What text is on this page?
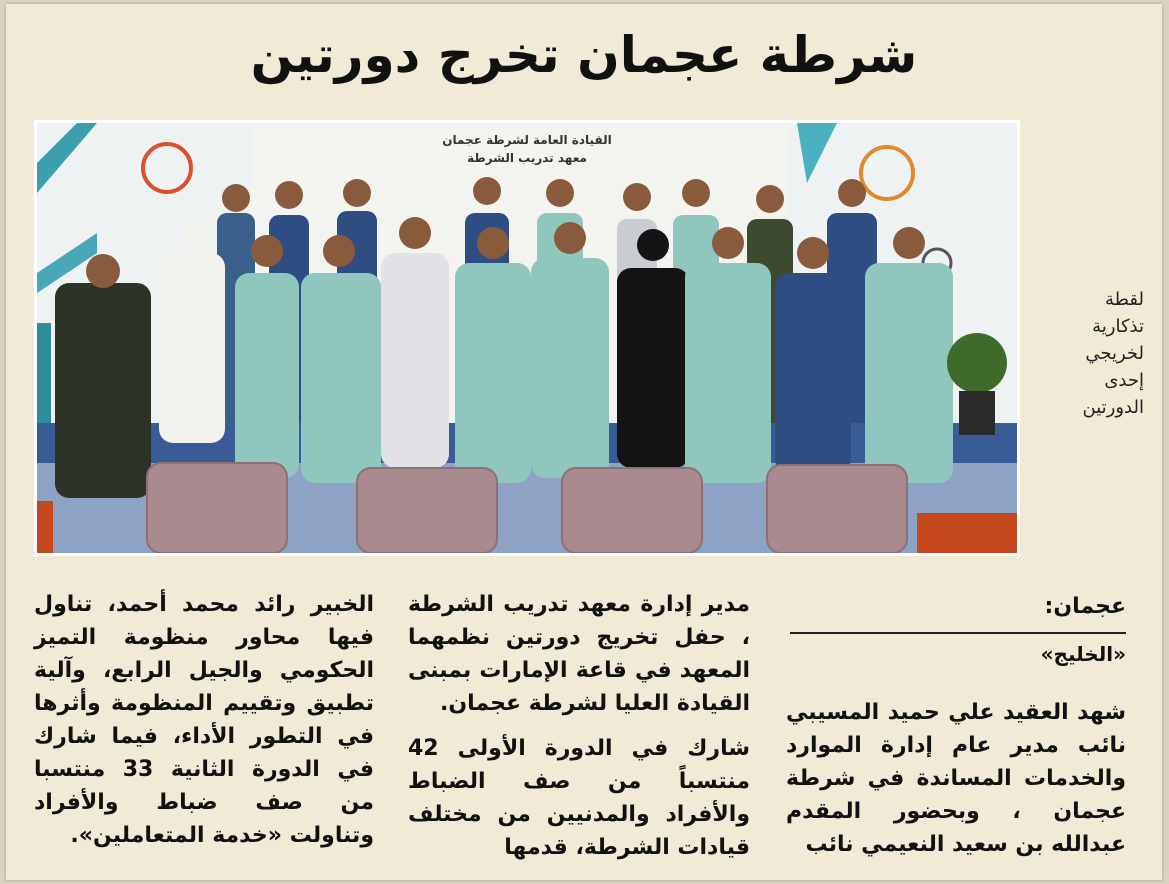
شرطة عجمان تخرج دورتين
القيادة العامة لشرطة عجمان
معهد تدريب الشرطة
لقطة
تذكارية
لخريجي
إحدى
الدورتين
عجمان:
«الخليج»

شهد العقيد علي حميد المسيبي نائب مدير عام إدارة الموارد والخدمات المساندة في شرطة عجمان ، وبحضور المقدم عبدالله بن سعيد النعيمي نائب

مدير إدارة معهد تدريب الشرطة ، حفل تخريج دورتين نظمهما المعهد في قاعة الإمارات بمبنى القيادة العليا لشرطة عجمان.

شارك في الدورة الأولى 42 منتسباً من صف الضباط والأفراد والمدنيين من مختلف قيادات الشرطة، قدمها

الخبير رائد محمد أحمد، تناول فيها محاور منظومة التميز الحكومي والجيل الرابع، وآلية تطبيق وتقييم المنظومة وأثرها في التطور الأداء، فيما شارك في الدورة الثانية 33 منتسبا من صف ضباط والأفراد وتناولت «خدمة المتعاملين».
